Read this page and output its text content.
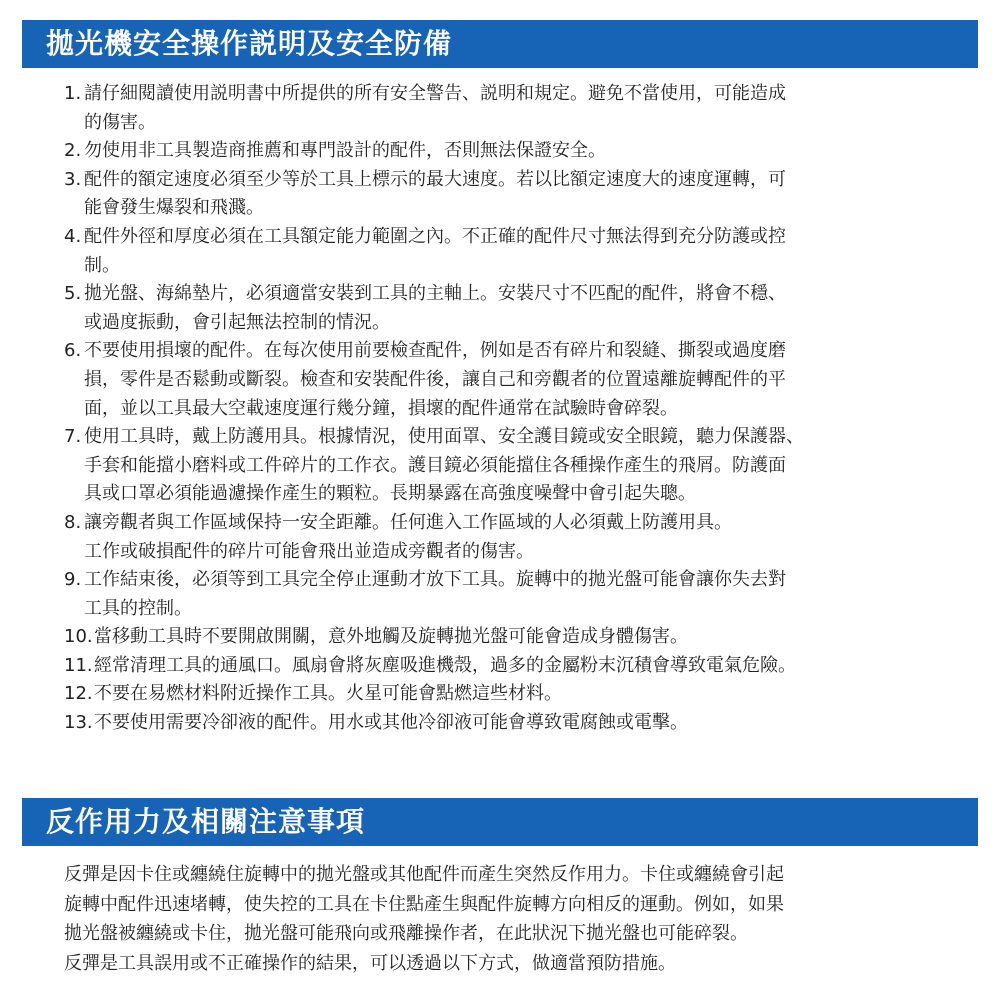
拋光機安全操作説明及安全防備
1. 請仔細閱讀使用説明書中所提供的所有安全警告、説明和規定。避免不當使用，可能造成
的傷害。
2. 勿使用非工具製造商推薦和專門設計的配件，否則無法保證安全。
3. 配件的額定速度必須至少等於工具上標示的最大速度。若以比額定速度大的速度運轉，可
能會發生爆裂和飛濺。
4. 配件外徑和厚度必須在工具額定能力範圍之內。不正確的配件尺寸無法得到充分防護或控
制。
5. 拋光盤、海綿墊片，必須適當安裝到工具的主軸上。安裝尺寸不匹配的配件，將會不穩、
或過度振動，會引起無法控制的情況。
6. 不要使用損壞的配件。在每次使用前要檢查配件，例如是否有碎片和裂縫、撕裂或過度磨
損，零件是否鬆動或斷裂。檢查和安裝配件後，讓自己和旁觀者的位置遠離旋轉配件的平
面，並以工具最大空載速度運行幾分鐘，損壞的配件通常在試驗時會碎裂。
7. 使用工具時，戴上防護用具。根據情況，使用面罩、安全護目鏡或安全眼鏡，聽力保護器、
手套和能擋小磨料或工件碎片的工作衣。護目鏡必須能擋住各種操作產生的飛屑。防護面
具或口罩必須能過濾操作產生的顆粒。長期暴露在高強度噪聲中會引起失聰。
8. 讓旁觀者與工作區域保持一安全距離。任何進入工作區域的人必須戴上防護用具。
工作或破損配件的碎片可能會飛出並造成旁觀者的傷害。
9. 工作結束後，必須等到工具完全停止運動才放下工具。旋轉中的拋光盤可能會讓你失去對
工具的控制。
10. 當移動工具時不要開啟開關，意外地觸及旋轉拋光盤可能會造成身體傷害。
11. 經常清理工具的通風口。風扇會將灰塵吸進機殼，過多的金屬粉末沉積會導致電氣危險。
12. 不要在易燃材料附近操作工具。火星可能會點燃這些材料。
13. 不要使用需要冷卻液的配件。用水或其他冷卻液可能會導致電腐蝕或電擊。
反作用力及相關注意事項
反彈是因卡住或纏繞住旋轉中的拋光盤或其他配件而產生突然反作用力。卡住或纏繞會引起
旋轉中配件迅速堵轉，使失控的工具在卡住點產生與配件旋轉方向相反的運動。例如，如果
拋光盤被纏繞或卡住，拋光盤可能飛向或飛離操作者，在此狀況下拋光盤也可能碎裂。
反彈是工具誤用或不正確操作的結果，可以透過以下方式，做適當預防措施。
